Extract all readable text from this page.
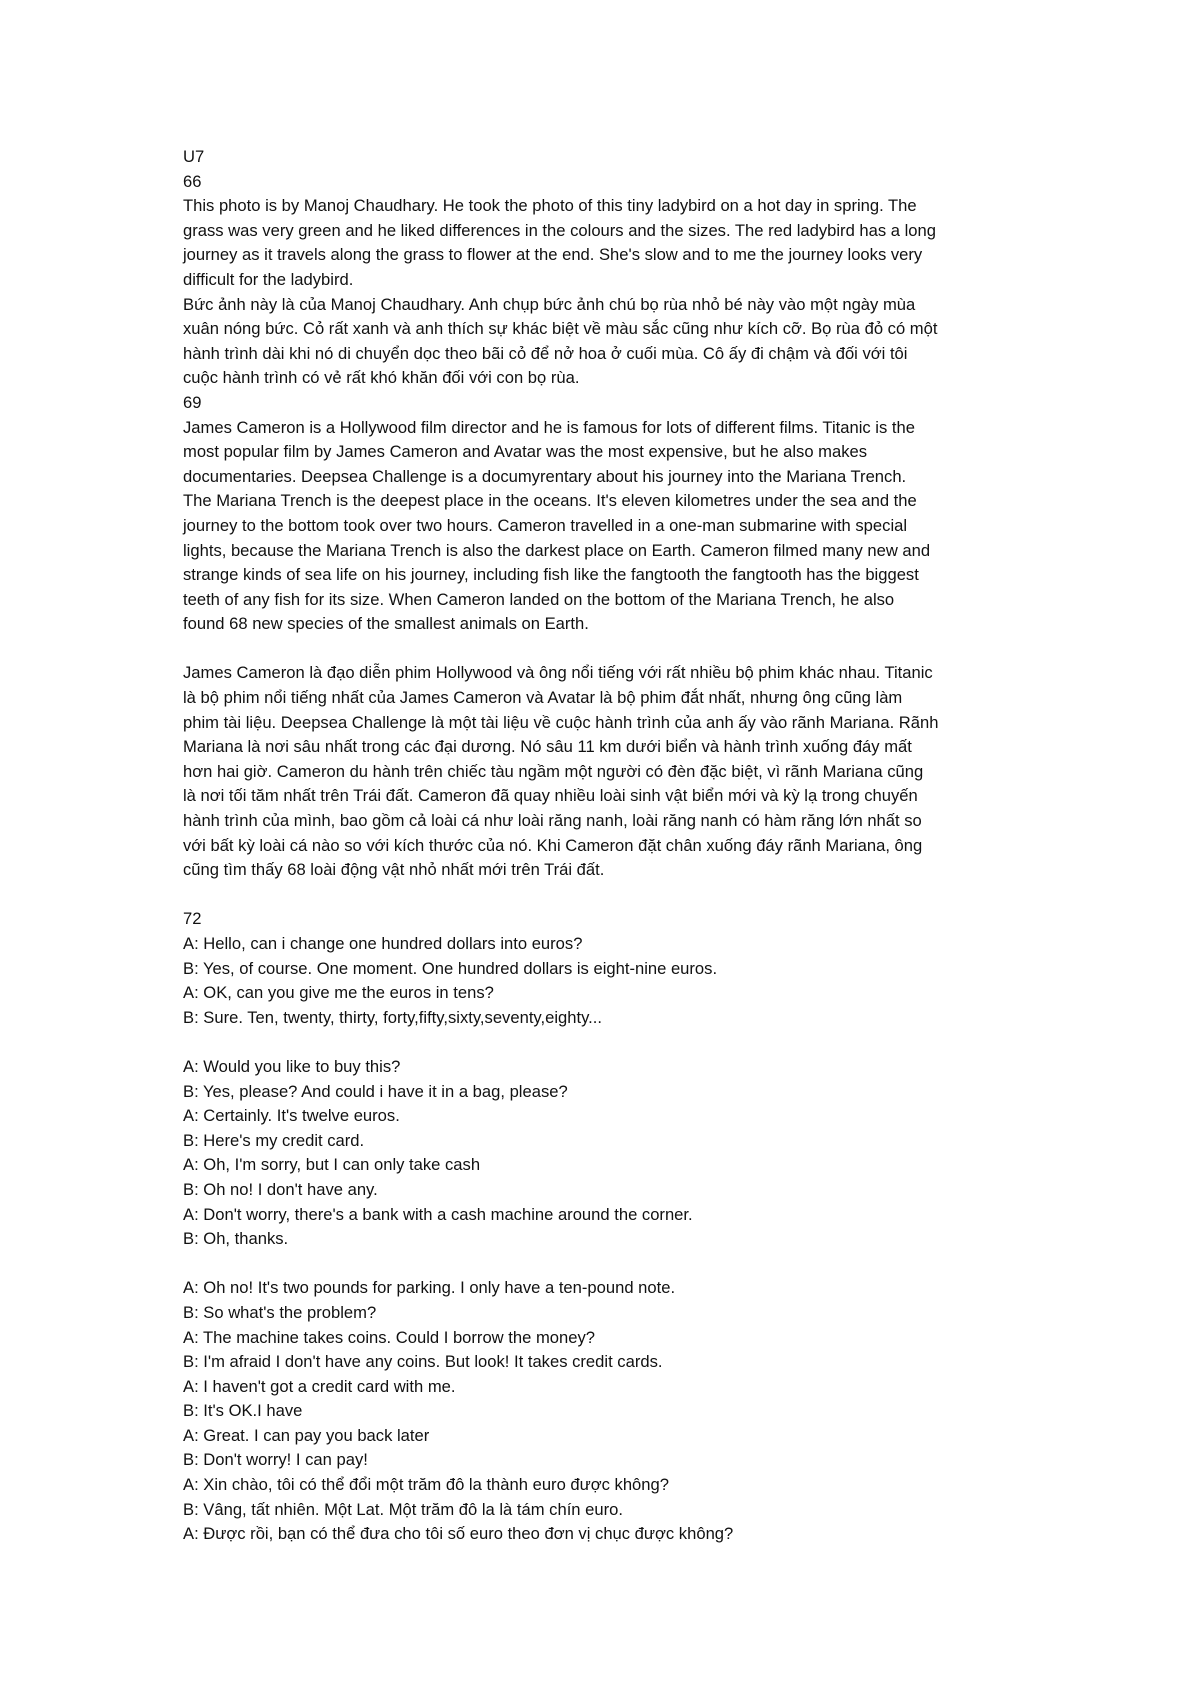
U7
66
This photo is by Manoj Chaudhary. He took the photo of this tiny ladybird on a hot day in spring. The
grass was very green and he liked differences in the colours and the sizes. The red ladybird has a long
journey as it travels along the grass to flower at the end. She's slow and to me the journey looks very
difficult for the ladybird.
Bức ảnh này là của Manoj Chaudhary. Anh chụp bức ảnh chú bọ rùa nhỏ bé này vào một ngày mùa
xuân nóng bức. Cỏ rất xanh và anh thích sự khác biệt về màu sắc cũng như kích cỡ. Bọ rùa đỏ có một
hành trình dài khi nó di chuyển dọc theo bãi cỏ để nở hoa ở cuối mùa. Cô ấy đi chậm và đối với tôi
cuộc hành trình có vẻ rất khó khăn đối với con bọ rùa.
69
James Cameron is a Hollywood film director and he is famous for lots of different films. Titanic is the
most popular film by James Cameron and Avatar was the most expensive, but he also makes
documentaries. Deepsea Challenge is a documyrentary about his journey into the Mariana Trench.
The Mariana Trench is the deepest place in the oceans. It's eleven kilometres under the sea and the
journey to the bottom took over two hours. Cameron travelled in a one-man submarine with special
lights, because the Mariana Trench is also the darkest place on Earth. Cameron filmed many new and
strange kinds of sea life on his journey, including fish like the fangtooth the fangtooth has the biggest
teeth of any fish for its size. When Cameron landed on the bottom of the Mariana Trench, he also
found 68 new species of the smallest animals on Earth.
James Cameron là đạo diễn phim Hollywood và ông nổi tiếng với rất nhiều bộ phim khác nhau. Titanic
là bộ phim nổi tiếng nhất của James Cameron và Avatar là bộ phim đắt nhất, nhưng ông cũng làm
phim tài liệu. Deepsea Challenge là một tài liệu về cuộc hành trình của anh ấy vào rãnh Mariana. Rãnh
Mariana là nơi sâu nhất trong các đại dương. Nó sâu 11 km dưới biển và hành trình xuống đáy mất
hơn hai giờ. Cameron du hành trên chiếc tàu ngầm một người có đèn đặc biệt, vì rãnh Mariana cũng
là nơi tối tăm nhất trên Trái đất. Cameron đã quay nhiều loài sinh vật biển mới và kỳ lạ trong chuyến
hành trình của mình, bao gồm cả loài cá như loài răng nanh, loài răng nanh có hàm răng lớn nhất so
với bất kỳ loài cá nào so với kích thước của nó. Khi Cameron đặt chân xuống đáy rãnh Mariana, ông
cũng tìm thấy 68 loài động vật nhỏ nhất mới trên Trái đất.
72
A: Hello, can i change one hundred dollars into euros?
B: Yes, of course. One moment. One hundred dollars is eight-nine euros.
A: OK, can you give me the euros in tens?
B: Sure. Ten, twenty, thirty, forty,fifty,sixty,seventy,eighty...
A: Would you like to buy this?
B: Yes, please? And could i have it in a bag, please?
A: Certainly. It's twelve euros.
B: Here's my credit card.
A: Oh, I'm sorry, but I can only take cash
B: Oh no! I don't have any.
A: Don't worry, there's a bank with a cash machine around the corner.
B: Oh, thanks.
A: Oh no! It's two pounds for parking. I only have a ten-pound note.
B: So what's the problem?
A: The machine takes coins. Could I borrow the money?
B: I'm afraid I don't have any coins. But look! It takes credit cards.
A: I haven't got a credit card with me.
B: It's OK.I have
A: Great. I can pay you back later
B: Don't worry! I can pay!
A: Xin chào, tôi có thể đổi một trăm đô la thành euro được không?
B: Vâng, tất nhiên. Một Lat. Một trăm đô la là tám chín euro.
A: Được rồi, bạn có thể đưa cho tôi số euro theo đơn vị chục được không?
